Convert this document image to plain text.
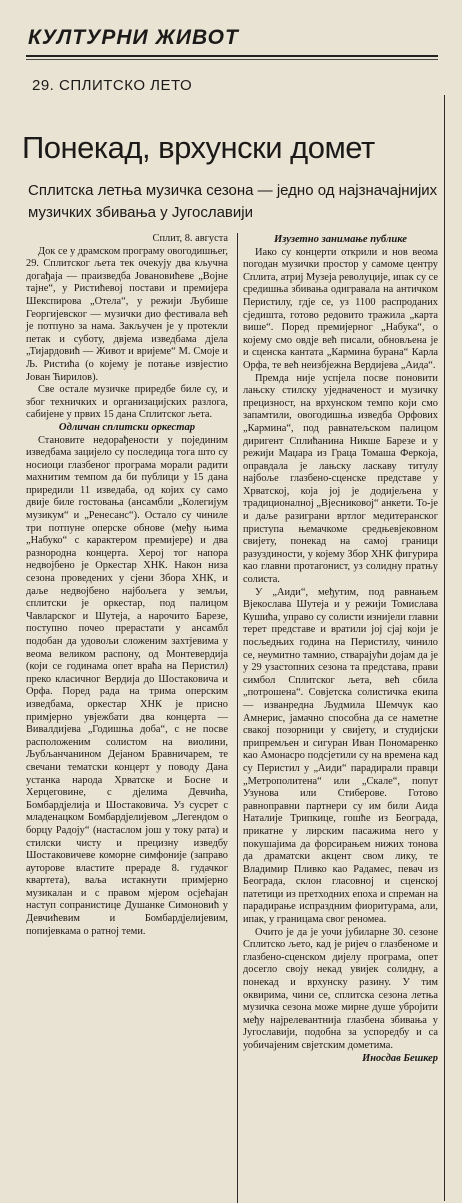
КУЛТУРНИ ЖИВОТ
29. СПЛИТСКО ЛЕТО
Понекад, врхунски домет
Сплитска летња музичка сезона — једно од најзначајнијих музичких збивања у Југославији

Сплит, 8. августа

Док се у драмском програму овогодишњег, 29. Сплитског љета тек очекују два кључна догађаја — праизведба Јовановићеве „Војне тајне“, у Ристићевој постави и премијера Шекспирова „Отела“, у режији Љубише Георгијевског — музички дио фестивала већ је потпуно за нама. Закључен је у протекли петак и суботу, двјема изведбама дјела „Тијардовић — Живот и вријеме“ М. Смоје и Љ. Ристића (о којему је потање извјестио Јован Ћирилов).

Све остале музичке приредбе биле су, и због техничких и организацијских разлога, сабијене у првих 15 дана Сплитског љета.

Одличан сплитски оркестар

Становите недорађености у појединим изведбама зацијело су последица тога што су носиоци глазбеног програма морали радити махнитим темпом да би публици у 15 дана приредили 11 изведаба, од којих су само двије биле гостовања (ансамбли „Колегијум музикум“ и „Ренесанс“). Остало су чиниле три потпуне оперске обнове (међу њима „Набуко“ с карактером премијере) и два разнородна концерта. Херој тог напора недвојбено је Оркестар ХНК. Након низа сезона проведених у сјени Збора ХНК, и даље недвојбено најбољега у земљи, сплитски је оркестар, под палицом Чавларског и Шутеја, а нарочито Барезе, поступно почео прерастати у ансамбл подобан да удовољи сложеним захтјевима у веома великом распону, од Монтевердија (који се годинама опет враћа на Перистил) преко класичног Вердија до Шостаковича и Орфа. Поред рада на трима оперским изведбама, оркестар ХНК је присно примјерно увјежбати два концерта — Вивалдијева „Годишња доба“, с не посве расположеним солистом на виолини, Љубљанчанином Дејаном Бравничарем, те свечани тематски концерт у поводу Дана устанка народа Хрватске и Босне и Херцеговине, с дјелима Девчића, Бомбардјелија и Шостаковича. Уз сусрет с младенацком Бомбардјелијевом „Легендом о борцу Радоју“ (настаслом још у току рата) и стилски чисту и прецизну изведбу Шостаковичеве коморне симфоније (заправо ауторове властите прераде 8. гудачког квартета), ваља истакнути примјерно музикалан и с правом мјером осјећајан наступ сопранистице Душанке Симоновић у Девчићевим и Бомбардјелијевим, попијевкама о ратној теми.

Изузетно занимање публике

Иако су концерти открили и нов веома погодан музички простор у самоме центру Сплита, атриј Музеја револуције, ипак су се средишња збивања одигравала на античком Перистилу, гдје се, уз 1100 распроданих сједишта, готово редовито тражила „карта више“. Поред премијерног „Набука“, о којему смо овдје већ писали, обновљена је и сценска кантата „Кармина бурана“ Карла Орфа, те већ неизбјежна Вердијева „Аида“.

Премда није успјела посве поновити лањску стилску уједначеност и музичку прецизност, на врхунском темпо који смо запамтили, овогодишња изведба Орфових „Кармина“, под равнатељском палицом диригент Сплићанина Никше Барезе и у режији Маџара из Граца Томаша Феркоја, оправдала је лањску ласкаву титулу најбоље глазбено-сценске представе у Хрватској, која јој је додијељена у традиционалној „Вјесниковој“ анкети. То-је и даље разиграни вртлог медитеранског приступа њемачкоме средњевјековном свијету, понекад на самој граници разуздиности, у којему Збор ХНК фигурира као главни протагонист, уз солидну пратњу солиста.

У „Аиди“, међутим, под равнањем Вјекослава Шутеја и у режији Томислава Кушића, управо су солисти изнијели главни терет представе и вратили јој сјај који је посљедњих година на Перистилу, чинило се, неумитно тамнио, стварајући дојам да је у 29 узастопних сезона та представа, прави симбол Сплитског љета, већ сбила „потрошена“. Совјетска солистичка екипа — изванредна Људмила Шемчук као Амнерис, јамачно способна да се наметне свакој позорници у свијету, и студијски припремљен и сигуран Иван Пономаренко као Амонасро подсјетили су на времена кад су Перистил у „Аиди“ парадирали правци „Метрополитена“ или „Скале“, попут Узунова или Стиберове. Готово равноправни партнери су им били Аида Наталије Трипкице, гошће из Београда, прикатне у лирским пасажима него у покушајима да форсирањем нижих тонова да драматски акцент свом лику, те Владимир Пливко као Радамес, певач из Београда, склон гласовној и сценској патетици из претходних епоха и спреман на парадирање испраздним фиоритурама, али, ипак, у границама свог реномеа.

Очито је да је уочи јубиларне 30. сезоне Сплитско љето, кад је ријеч о глазбеноме и глазбено-сценском дијелу програма, опет досегло своју некад увијек солидну, а понекад и врхунску разину. У тим оквирима, чини се, сплитска сезона летња музичка сезона може мирне душе убројити међу најрелевантнија глазбена збивања у Југославији, подобна за успоредбу и са уобичајеним свјетским дометима.

Иносдав Бешкер
